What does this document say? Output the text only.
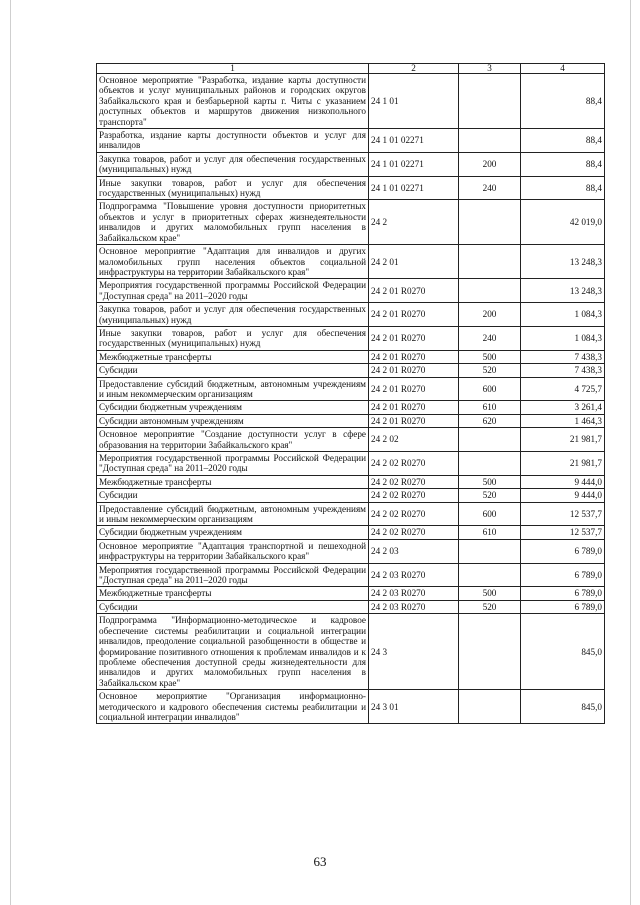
1	2	3	4
Основное мероприятие "Разработка, издание карты доступности объектов и услуг муниципальных районов и городских округов Забайкальского края и безбарьерной карты г. Читы с указанием доступных объектов и маршрутов движения низкопольного транспорта"	24 1 01		88,4
Разработка, издание карты доступности объектов и услуг для инвалидов	24 1 01 02271		88,4
Закупка товаров, работ и услуг для обеспечения государственных (муниципальных) нужд	24 1 01 02271	200	88,4
Иные закупки товаров, работ и услуг для обеспечения государственных (муниципальных) нужд	24 1 01 02271	240	88,4
Подпрограмма "Повышение уровня доступности приоритетных объектов и услуг в приоритетных сферах жизнедеятельности инвалидов и других маломобильных групп населения в Забайкальском крае"	24 2		42 019,0
Основное мероприятие "Адаптация для инвалидов и других маломобильных групп населения объектов социальной инфраструктуры на территории Забайкальского края"	24 2 01		13 248,3
Мероприятия государственной программы Российской Федерации "Доступная среда" на 2011–2020 годы	24 2 01 R0270		13 248,3
Закупка товаров, работ и услуг для обеспечения государственных (муниципальных) нужд	24 2 01 R0270	200	1 084,3
Иные закупки товаров, работ и услуг для обеспечения государственных (муниципальных) нужд	24 2 01 R0270	240	1 084,3
Межбюджетные трансферты	24 2 01 R0270	500	7 438,3
Субсидии	24 2 01 R0270	520	7 438,3
Предоставление субсидий бюджетным, автономным учреждениям и иным некоммерческим организациям	24 2 01 R0270	600	4 725,7
Субсидии бюджетным учреждениям	24 2 01 R0270	610	3 261,4
Субсидии автономным учреждениям	24 2 01 R0270	620	1 464,3
Основное мероприятие "Создание доступности услуг в сфере образования на территории Забайкальского края"	24 2 02		21 981,7
Мероприятия государственной программы Российской Федерации "Доступная среда" на 2011–2020 годы	24 2 02 R0270		21 981,7
Межбюджетные трансферты	24 2 02 R0270	500	9 444,0
Субсидии	24 2 02 R0270	520	9 444,0
Предоставление субсидий бюджетным, автономным учреждениям и иным некоммерческим организациям	24 2 02 R0270	600	12 537,7
Субсидии бюджетным учреждениям	24 2 02 R0270	610	12 537,7
Основное мероприятие "Адаптация транспортной и пешеходной инфраструктуры на территории Забайкальского края"	24 2 03		6 789,0
Мероприятия государственной программы Российской Федерации "Доступная среда" на 2011–2020 годы	24 2 03 R0270		6 789,0
Межбюджетные трансферты	24 2 03 R0270	500	6 789,0
Субсидии	24 2 03 R0270	520	6 789,0
Подпрограмма "Информационно-методическое и кадровое обеспечение системы реабилитации и социальной интеграции инвалидов, преодоление социальной разобщенности в обществе и формирование позитивного отношения к проблемам инвалидов и к проблеме обеспечения доступной среды жизнедеятельности для инвалидов и других маломобильных групп населения в Забайкальском крае"	24 3		845,0
Основное мероприятие "Организация информационно-методического и кадрового обеспечения системы реабилитации и социальной интеграции инвалидов"	24 3 01		845,0
63
